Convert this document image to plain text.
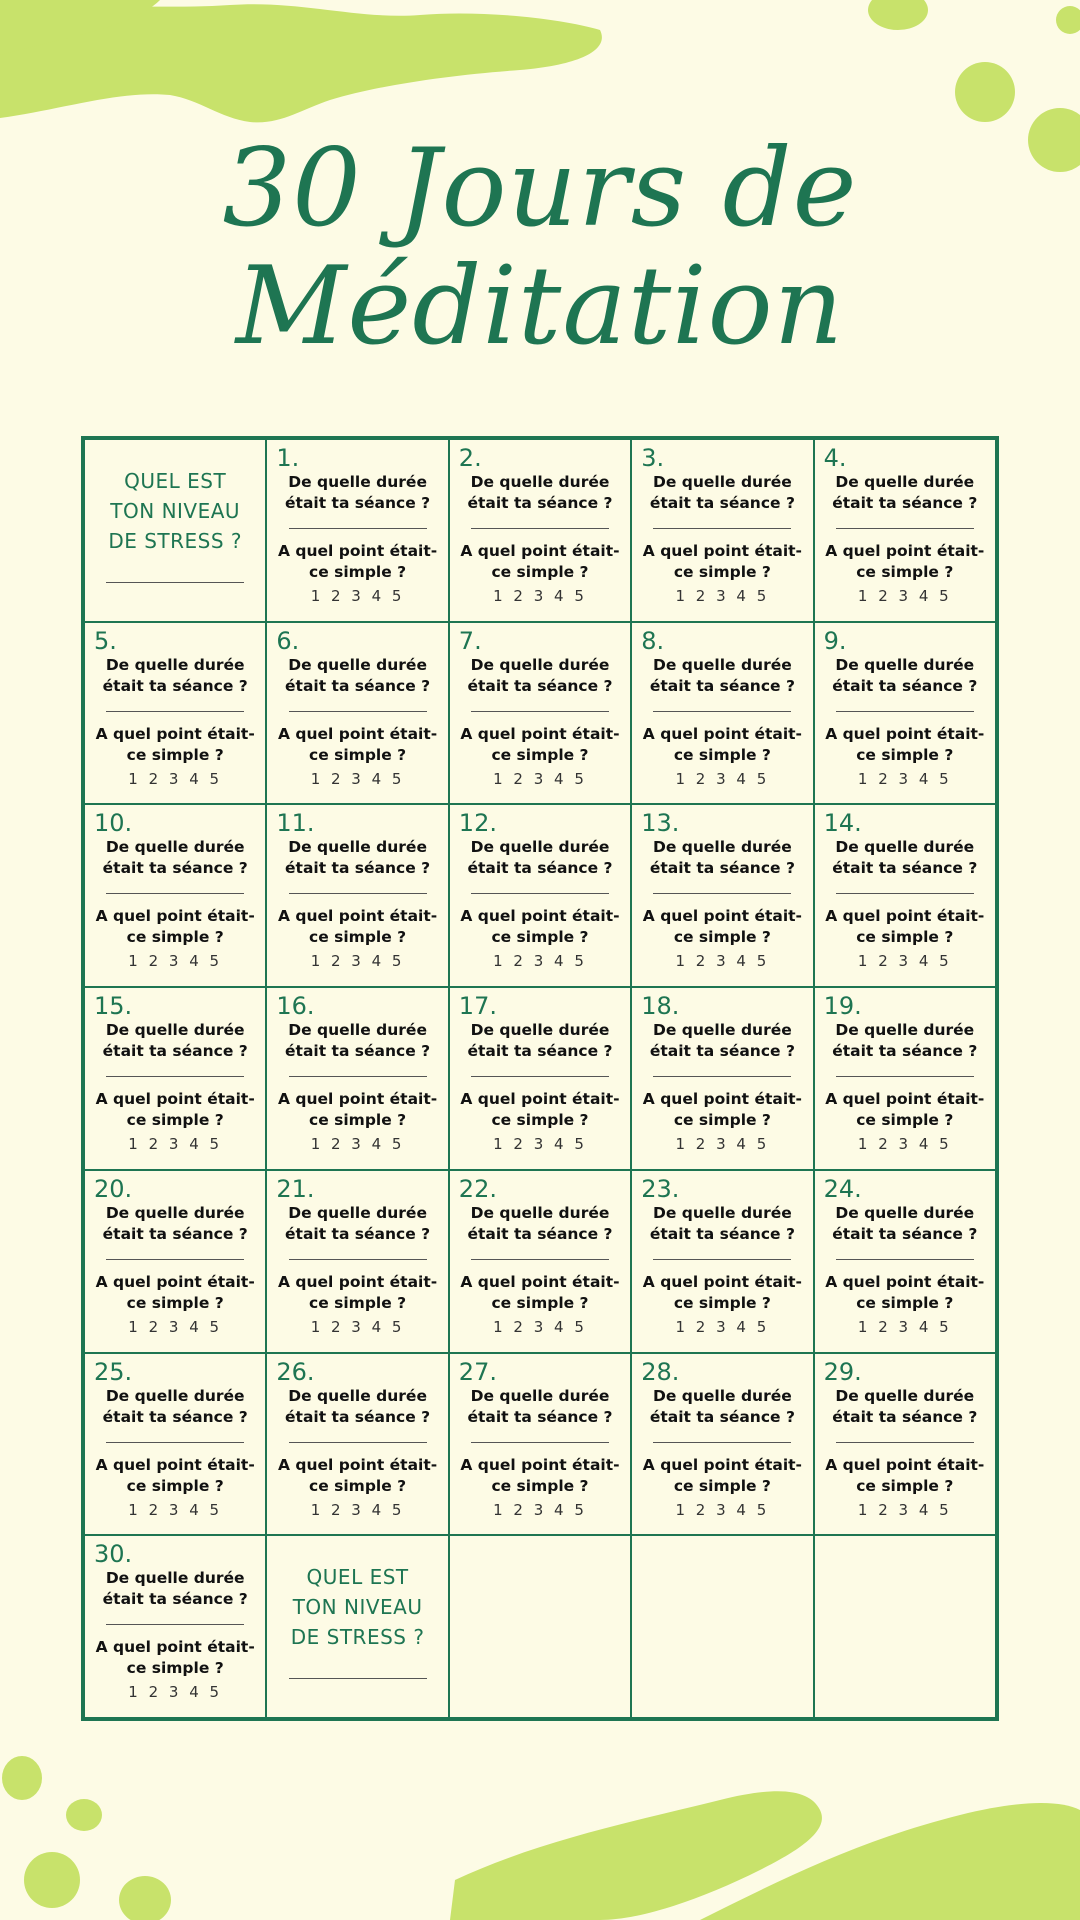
30 Jours de
Méditation
QUEL EST TON NIVEAU DE STRESS ?
1.
De quelle durée était ta séance ?
A quel point était-ce simple ?
1 2 3 4 5
2.
De quelle durée était ta séance ?
A quel point était-ce simple ?
1 2 3 4 5
3.
De quelle durée était ta séance ?
A quel point était-ce simple ?
1 2 3 4 5
4.
De quelle durée était ta séance ?
A quel point était-ce simple ?
1 2 3 4 5
5.
De quelle durée était ta séance ?
A quel point était-ce simple ?
1 2 3 4 5
6.
De quelle durée était ta séance ?
A quel point était-ce simple ?
1 2 3 4 5
7.
De quelle durée était ta séance ?
A quel point était-ce simple ?
1 2 3 4 5
8.
De quelle durée était ta séance ?
A quel point était-ce simple ?
1 2 3 4 5
9.
De quelle durée était ta séance ?
A quel point était-ce simple ?
1 2 3 4 5
10.
De quelle durée était ta séance ?
A quel point était-ce simple ?
1 2 3 4 5
11.
De quelle durée était ta séance ?
A quel point était-ce simple ?
1 2 3 4 5
12.
De quelle durée était ta séance ?
A quel point était-ce simple ?
1 2 3 4 5
13.
De quelle durée était ta séance ?
A quel point était-ce simple ?
1 2 3 4 5
14.
De quelle durée était ta séance ?
A quel point était-ce simple ?
1 2 3 4 5
15.
De quelle durée était ta séance ?
A quel point était-ce simple ?
1 2 3 4 5
16.
De quelle durée était ta séance ?
A quel point était-ce simple ?
1 2 3 4 5
17.
De quelle durée était ta séance ?
A quel point était-ce simple ?
1 2 3 4 5
18.
De quelle durée était ta séance ?
A quel point était-ce simple ?
1 2 3 4 5
19.
De quelle durée était ta séance ?
A quel point était-ce simple ?
1 2 3 4 5
20.
De quelle durée était ta séance ?
A quel point était-ce simple ?
1 2 3 4 5
21.
De quelle durée était ta séance ?
A quel point était-ce simple ?
1 2 3 4 5
22.
De quelle durée était ta séance ?
A quel point était-ce simple ?
1 2 3 4 5
23.
De quelle durée était ta séance ?
A quel point était-ce simple ?
1 2 3 4 5
24.
De quelle durée était ta séance ?
A quel point était-ce simple ?
1 2 3 4 5
25.
De quelle durée était ta séance ?
A quel point était-ce simple ?
1 2 3 4 5
26.
De quelle durée était ta séance ?
A quel point était-ce simple ?
1 2 3 4 5
27.
De quelle durée était ta séance ?
A quel point était-ce simple ?
1 2 3 4 5
28.
De quelle durée était ta séance ?
A quel point était-ce simple ?
1 2 3 4 5
29.
De quelle durée était ta séance ?
A quel point était-ce simple ?
1 2 3 4 5
30.
De quelle durée était ta séance ?
A quel point était-ce simple ?
1 2 3 4 5
QUEL EST TON NIVEAU DE STRESS ?
